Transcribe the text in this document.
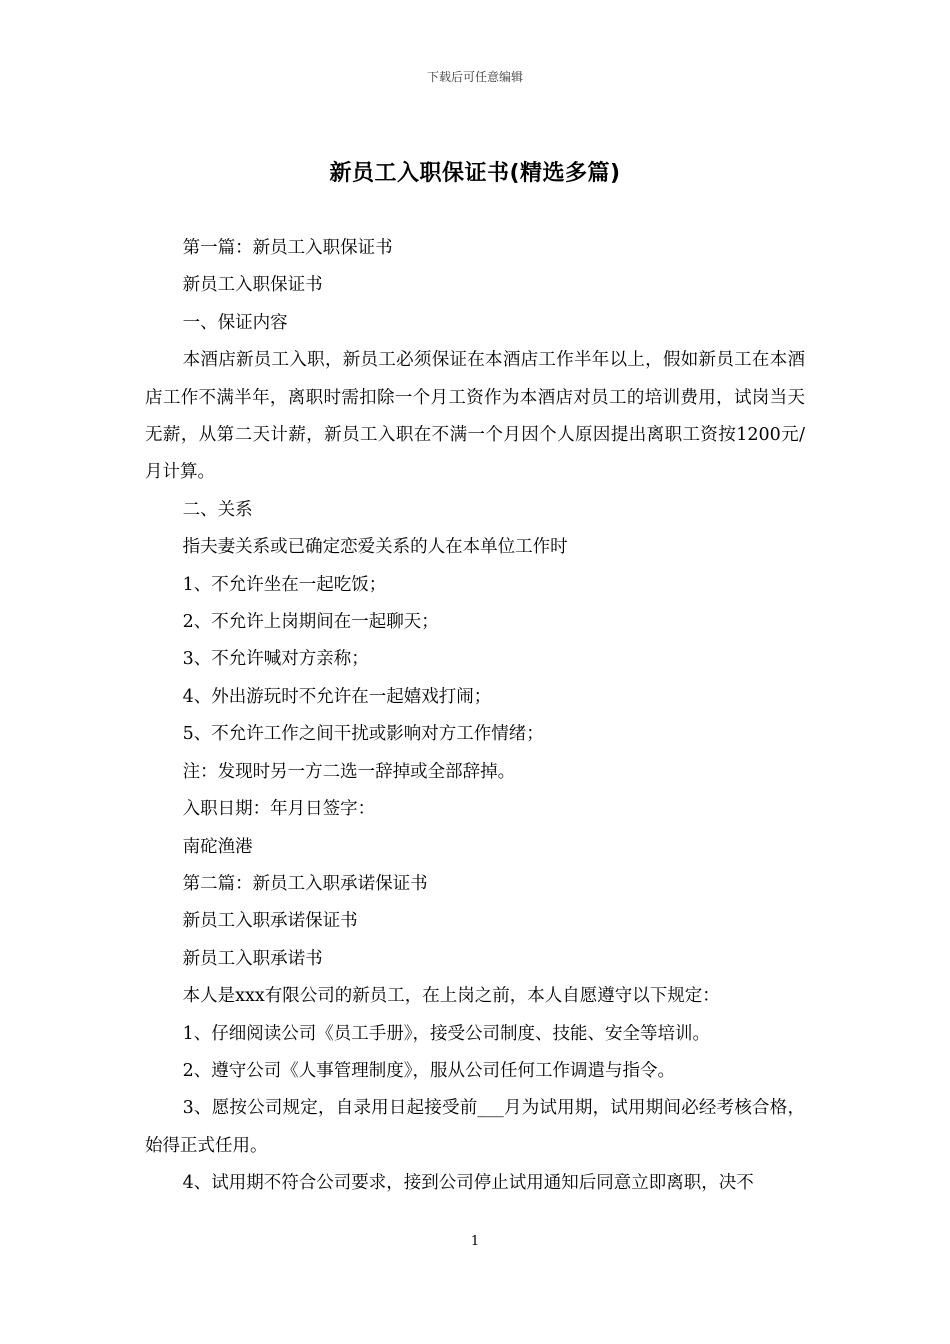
下载后可任意编辑
新员工入职保证书(精选多篇)

第一篇：新员工入职保证书

新员工入职保证书

一、保证内容

本酒店新员工入职，新员工必须保证在本酒店工作半年以上，假如新员工在本酒店工作不满半年，离职时需扣除一个月工资作为本酒店对员工的培训费用，试岗当天无薪，从第二天计薪，新员工入职在不满一个月因个人原因提出离职工资按1200元/月计算。

二、关系

指夫妻关系或已确定恋爱关系的人在本单位工作时

1、不允许坐在一起吃饭；

2、不允许上岗期间在一起聊天；

3、不允许喊对方亲称；

4、外出游玩时不允许在一起嬉戏打闹；

5、不允许工作之间干扰或影响对方工作情绪；

注：发现时另一方二选一辞掉或全部辞掉。

入职日期：年月日签字：

南砣渔港

第二篇：新员工入职承诺保证书

新员工入职承诺保证书

新员工入职承诺书

本人是xxx有限公司的新员工，在上岗之前，本人自愿遵守以下规定：

1、仔细阅读公司《员工手册》，接受公司制度、技能、安全等培训。

2、遵守公司《人事管理制度》，服从公司任何工作调遣与指令。

3、愿按公司规定，自录用日起接受前___月为试用期，试用期间必经考核合格，始得正式任用。

4、试用期不符合公司要求，接到公司停止试用通知后同意立即离职，决不

1
